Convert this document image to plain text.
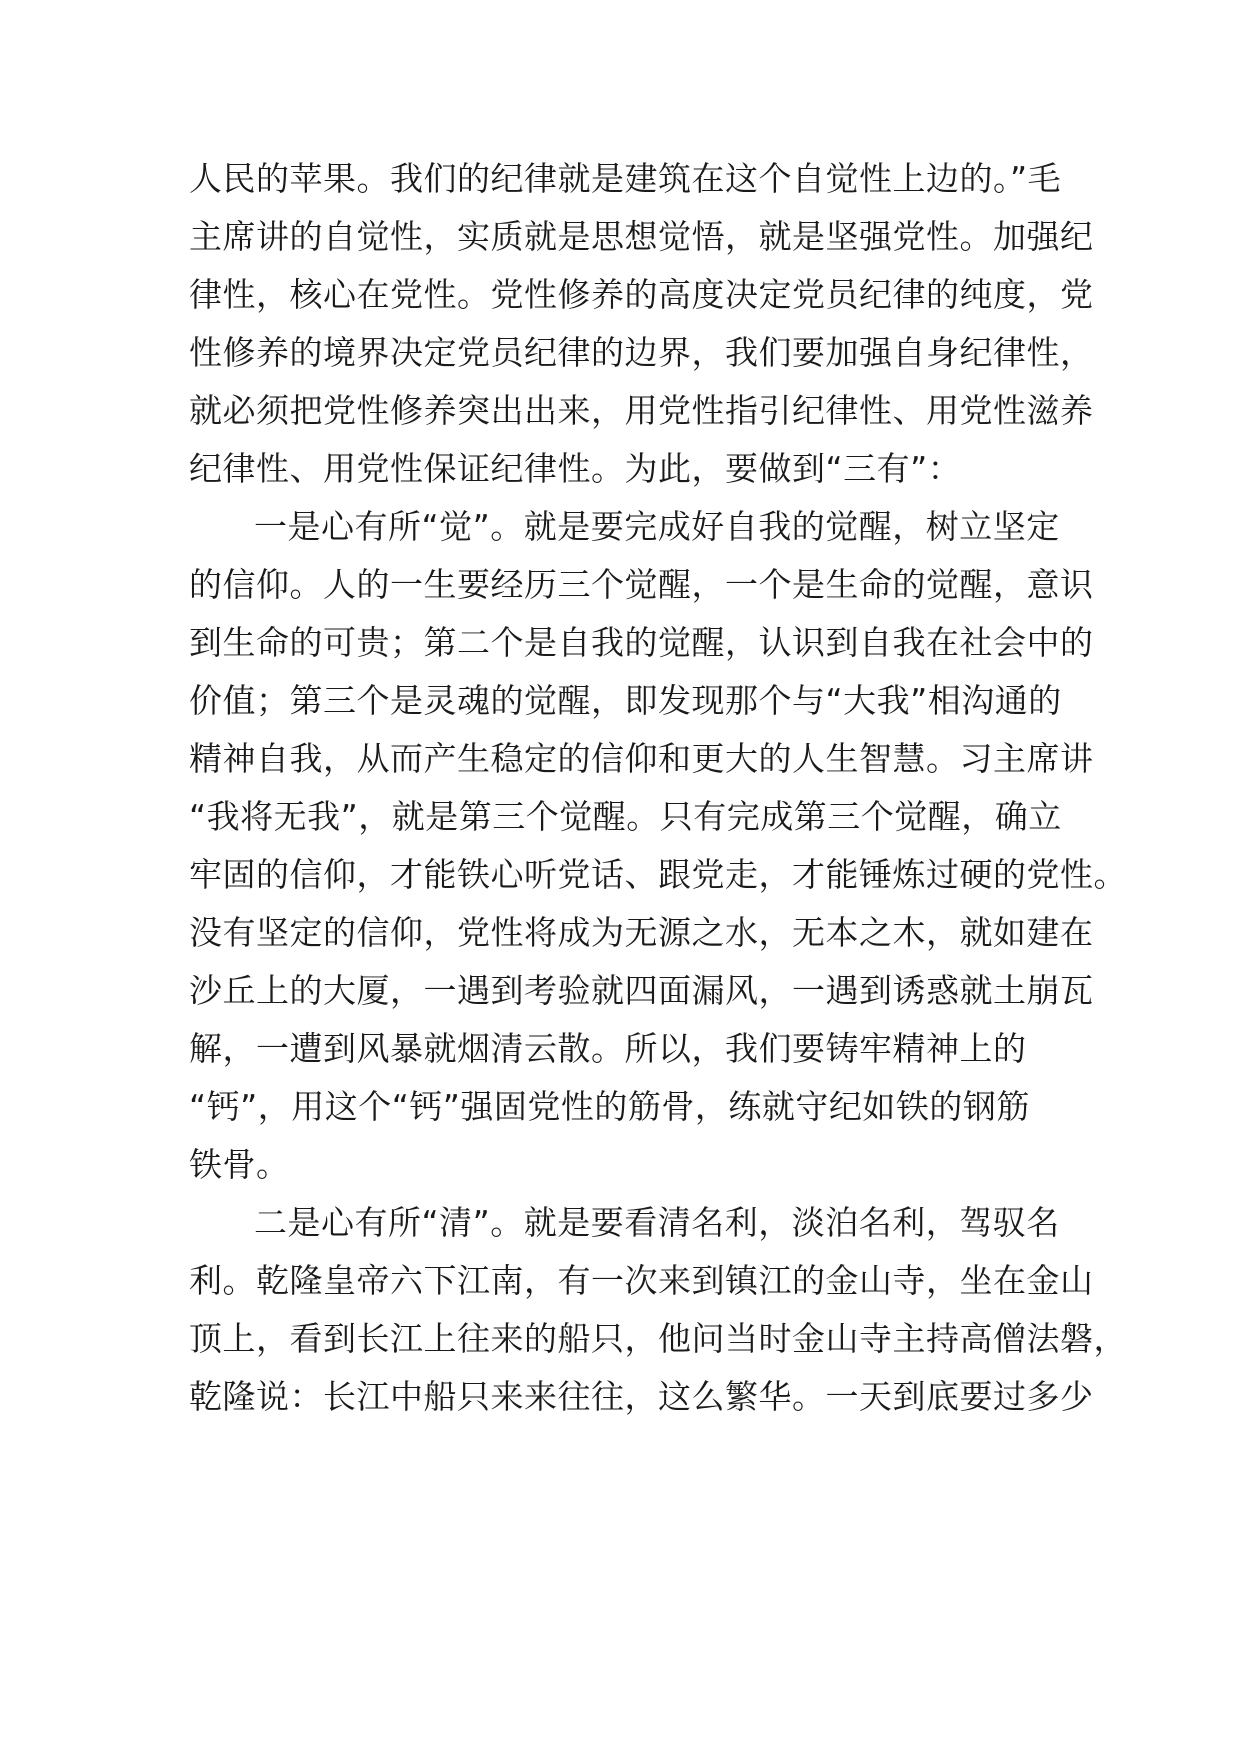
人民的苹果。我们的纪律就是建筑在这个自觉性上边的。”毛
主席讲的自觉性，实质就是思想觉悟，就是坚强党性。加强纪
律性，核心在党性。党性修养的高度决定党员纪律的纯度，党
性修养的境界决定党员纪律的边界，我们要加强自身纪律性，
就必须把党性修养突出出来，用党性指引纪律性、用党性滋养
纪律性、用党性保证纪律性。为此，要做到“三有”：
一是心有所“觉”。就是要完成好自我的觉醒，树立坚定
的信仰。人的一生要经历三个觉醒，一个是生命的觉醒，意识
到生命的可贵；第二个是自我的觉醒，认识到自我在社会中的
价值；第三个是灵魂的觉醒，即发现那个与“大我”相沟通的
精神自我，从而产生稳定的信仰和更大的人生智慧。习主席讲
“我将无我”，就是第三个觉醒。只有完成第三个觉醒，确立
牢固的信仰，才能铁心听党话、跟党走，才能锤炼过硬的党性。
没有坚定的信仰，党性将成为无源之水，无本之木，就如建在
沙丘上的大厦，一遇到考验就四面漏风，一遇到诱惑就土崩瓦
解，一遭到风暴就烟清云散。所以，我们要铸牢精神上的
“钙”，用这个“钙”强固党性的筋骨，练就守纪如铁的钢筋
铁骨。
二是心有所“清”。就是要看清名利，淡泊名利，驾驭名
利。乾隆皇帝六下江南，有一次来到镇江的金山寺，坐在金山
顶上，看到长江上往来的船只，他问当时金山寺主持高僧法磐，
乾隆说：长江中船只来来往往，这么繁华。一天到底要过多少
